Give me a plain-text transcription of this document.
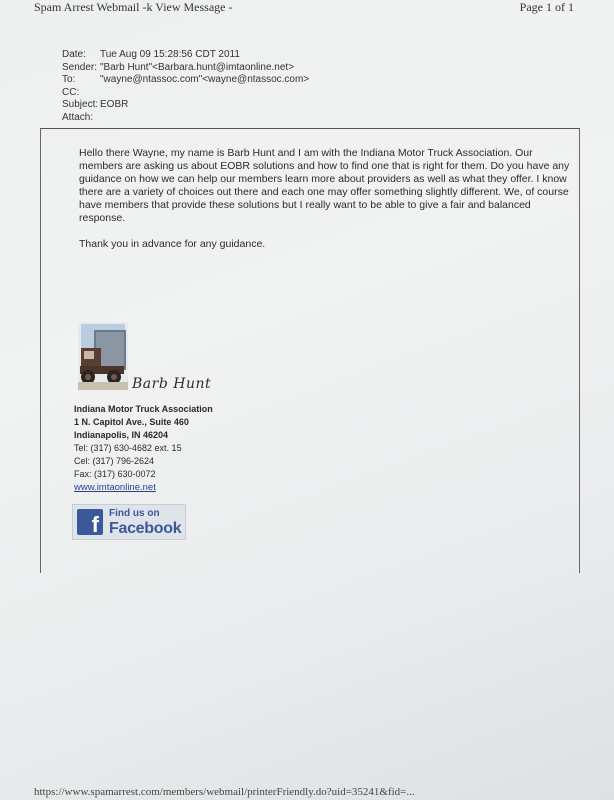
Spam Arrest Webmail -k View Message -	Page 1 of 1
Date:	Tue Aug 09 15:28:56 CDT 2011
Sender: "Barb Hunt"<Barbara.hunt@imtaonline.net>
To:	"wayne@ntassoc.com"<wayne@ntassoc.com>
CC:
Subject: EOBR
Attach:

Hello there Wayne, my name is Barb Hunt and I am with the Indiana Motor Truck Association. Our members are asking us about EOBR solutions and how to find one that is right for them. Do you have any guidance on how we can help our members learn more about providers as well as what they offer. I know there are a variety of choices out there and each one may offer something slightly different. We, of course have members that provide these solutions but I really want to be able to give a fair and balanced response.

Thank you in advance for any guidance.

Barb Hunt
Indiana Motor Truck Association
1 N. Capitol Ave., Suite 460
Indianapolis, IN 46204
Tel: (317) 630-4682 ext. 15
Cel: (317) 796-2624
Fax: (317) 630-0072
www.imtaonline.net
f Find us on
Facebook
https://www.spamarrest.com/members/webmail/printerFriendly.do?uid=35241&fid=...
